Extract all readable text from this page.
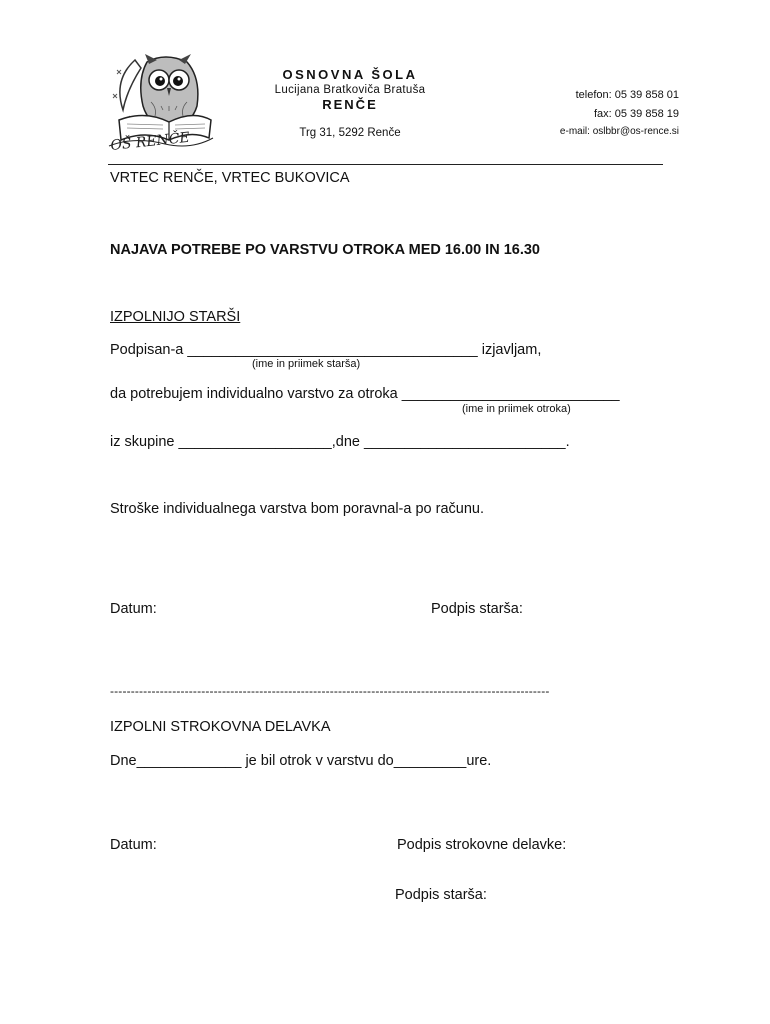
OŠ RENČE
OSNOVNA ŠOLA
Lucijana Bratkoviča Bratuša
RENČE
Trg 31, 5292 Renče
telefon: 05 39 858 01
fax: 05 39 858 19
e-mail: oslbbr@os-rence.si
VRTEC RENČE, VRTEC BUKOVICA
NAJAVA POTREBE PO VARSTVU OTROKA MED 16.00 IN 16.30
IZPOLNIJO STARŠI
Podpisan-a ____________________________________ izjavljam,
(ime in priimek starša)
da potrebujem individualno varstvo za otroka ___________________________
(ime in priimek otroka)
iz skupine ___________________,dne _________________________.
Stroške individualnega varstva bom poravnal-a po računu.
Datum:	Podpis starša:
----------------------------------------------------------------------------------------------------------
IZPOLNI STROKOVNA DELAVKA
Dne_____________ je bil otrok v varstvu do_________ure.
Datum:	Podpis strokovne delavke:
Podpis starša:
